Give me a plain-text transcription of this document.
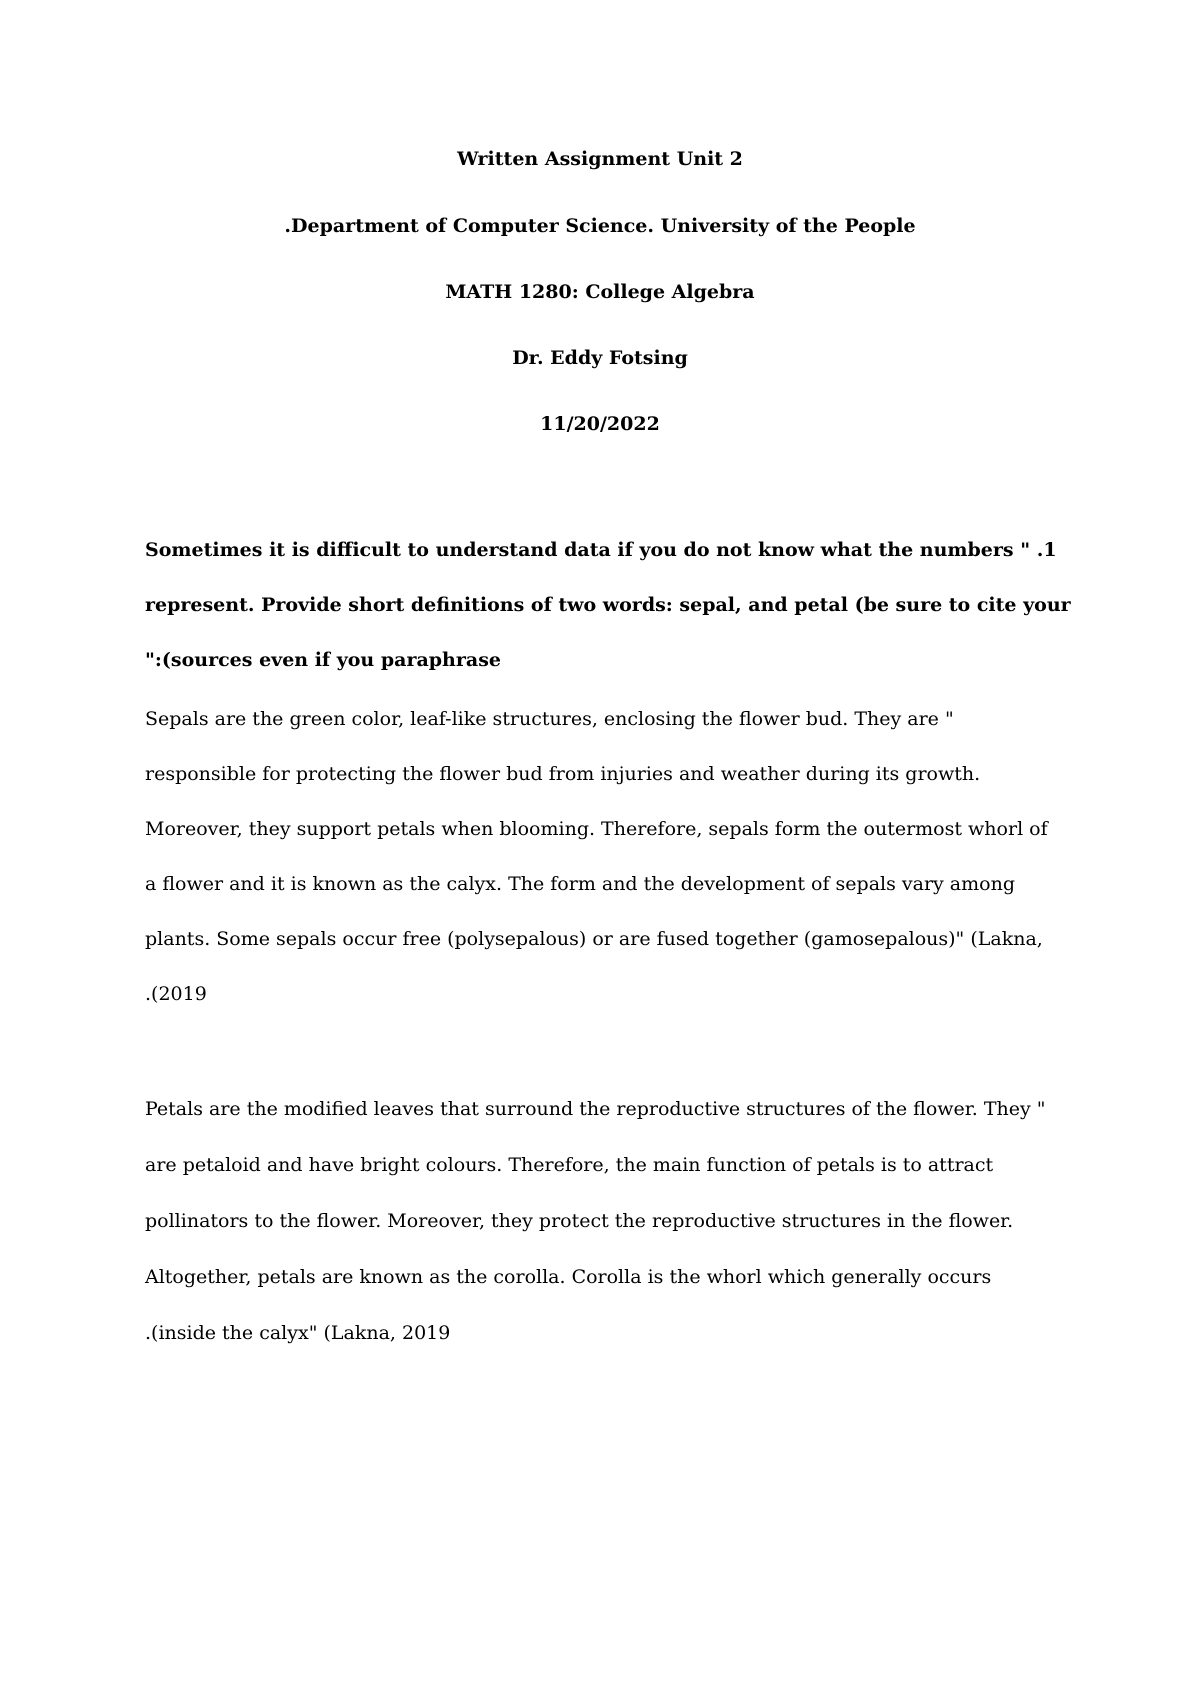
Written Assignment Unit 2

.Department of Computer Science. University of the People

MATH 1280: College Algebra

Dr. Eddy Fotsing

11/20/2022

Sometimes it is difficult to understand data if you do not know what the numbers " .1

represent. Provide short definitions of two words: sepal, and petal (be sure to cite your

":(sources even if you paraphrase

Sepals are the green color, leaf-like structures, enclosing the flower bud. They are "

responsible for protecting the flower bud from injuries and weather during its growth.

Moreover, they support petals when blooming. Therefore, sepals form the outermost whorl of

a flower and it is known as the calyx. The form and the development of sepals vary among

plants. Some sepals occur free (polysepalous) or are fused together (gamosepalous)" (Lakna,

.(2019

Petals are the modified leaves that surround the reproductive structures of the flower. They "

are petaloid and have bright colours. Therefore, the main function of petals is to attract

pollinators to the flower. Moreover, they protect the reproductive structures in the flower.

Altogether, petals are known as the corolla. Corolla is the whorl which generally occurs

.(inside the calyx" (Lakna, 2019
